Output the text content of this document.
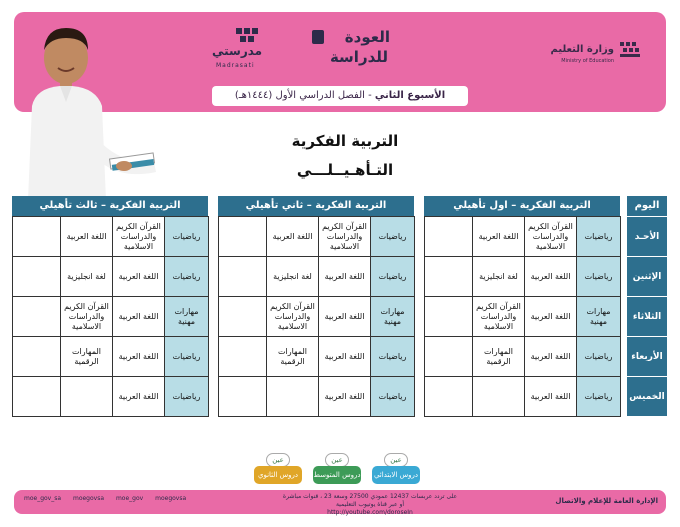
وزارة التعليم
Ministry of Education
العودة
للدراسة
مدرستي
Madrasati
الأسبوع الثاني - الفصل الدراسي الأول (١٤٤٤هـ)
التربية الفكرية
التـأهـيــلـــي
اليوم
الأحـد
الإثنين
الثلاثاء
الأربعاء
الخميس
التربية الفكرية – اول تأهيلي
رياضيات	القرآن الكريم والدراسات الاسلامية	اللغة العربية	
رياضيات	اللغة العربية	لغة انجليزية	
مهارات مهنية	اللغة العربية	القرآن الكريم والدراسات الاسلامية	
رياضيات	اللغة العربية	المهارات الرقمية	
رياضيات	اللغة العربية		
التربية الفكرية – ثاني تأهيلي
رياضيات	القرآن الكريم والدراسات الاسلامية	اللغة العربية	
رياضيات	اللغة العربية	لغة انجليزية	
مهارات مهنية	اللغة العربية	القرآن الكريم والدراسات الاسلامية	
رياضيات	اللغة العربية	المهارات الرقمية	
رياضيات	اللغة العربية		
التربية الفكرية – ثالث تأهيلي
رياضيات	القرآن الكريم والدراسات الاسلامية	اللغة العربية	
رياضيات	اللغة العربية	لغة انجليزية	
مهارات مهنية	اللغة العربية	القرآن الكريم والدراسات الاسلامية	
رياضيات	اللغة العربية	المهارات الرقمية	
رياضيات	اللغة العربية		
عين
دروس الثانوي
عين
دروس المتوسط
عين
دروس الابتدائي
moe_gov_sa moegovsa moe_gov moegovsa	على تردد عربسات 12437 عمودي 27500 وسعة 23 ، قنوات مباشرة
أو عبر قناة يوتيوب التعليمية
http://youtube.com/doroseIn
الإدارة العامة للإعلام والاتصال
